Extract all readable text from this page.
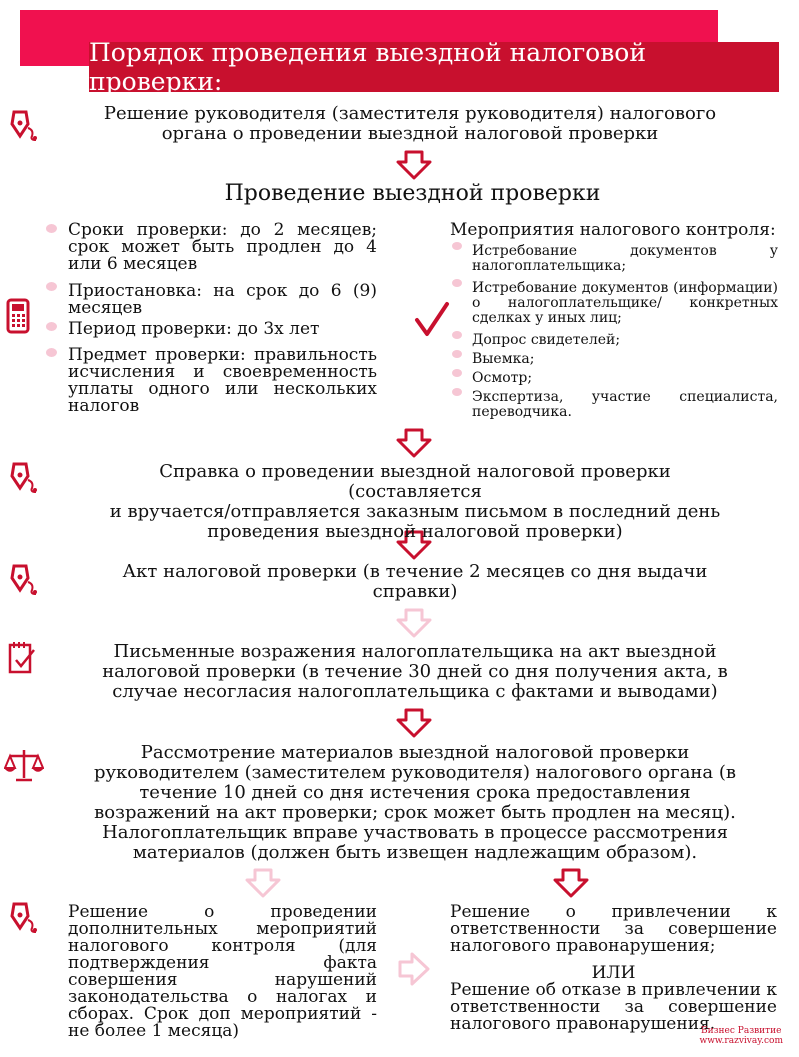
Порядок проведения выездной налоговой проверки:
Решение руководителя (заместителя руководителя) налогового
органа о проведении выездной налоговой проверки
Проведение выездной проверки
Сроки проверки: до 2 месяцев; срок может быть продлен до 4 или 6 месяцев
Приостановка: на срок до 6 (9) месяцев
Период проверки: до 3х лет
Предмет проверки: правильность исчисления и своевременность уплаты одного или нескольких налогов
Мероприятия налогового контроля:
Истребование документов у налогоплательщика;
Истребование документов (информации) о налогоплательщике/ конкретных сделках у иных лиц;
Допрос свидетелей;
Выемка;
Осмотр;
Экспертиза, участие специалиста, переводчика.
Справка о проведении выездной налоговой проверки (составляется
и вручается/отправляется заказным письмом в последний день
проведения выездной налоговой проверки)
Акт налоговой проверки (в течение 2 месяцев со дня выдачи
справки)
Письменные возражения налогоплательщика на акт выездной
налоговой проверки (в течение 30 дней со дня получения акта, в
случае несогласия налогоплательщика с фактами и выводами)
Рассмотрение материалов выездной налоговой проверки
руководителем (заместителем руководителя) налогового органа (в
течение 10 дней со дня истечения срока предоставления
возражений на акт проверки; срок может быть продлен на месяц).
Налогоплательщик вправе участвовать в процессе рассмотрения
материалов (должен быть извещен надлежащим образом).
Решение о проведении дополнительных мероприятий налогового контроля (для подтверждения факта совершения нарушений законодательства о налогах и сборах. Срок доп мероприятий - не более 1 месяца)
Решение о привлечении к ответственности за совершение налогового правонарушения;
ИЛИ
Решение об отказе в привлечении к ответственности за совершение налогового правонарушения.
Бизнес Развитие
www.razvivay.com
